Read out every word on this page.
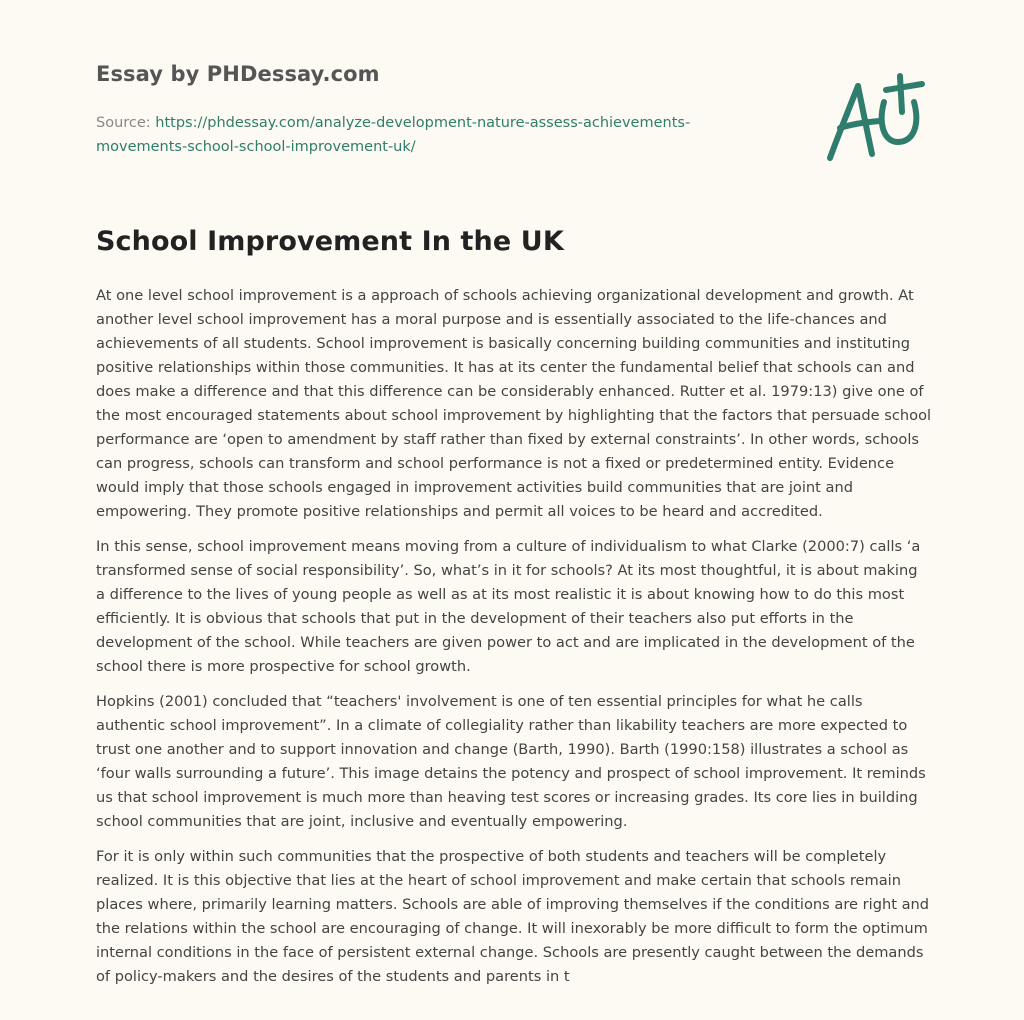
Essay by PHDessay.com
Source: https://phdessay.com/analyze-development-nature-assess-achievements-
movements-school-school-improvement-uk/
School Improvement In the UK

At one level school improvement is a approach of schools achieving organizational development and growth. At
another level school improvement has a moral purpose and is essentially associated to the life-chances and
achievements of all students. School improvement is basically concerning building communities and instituting
positive relationships within those communities. It has at its center the fundamental belief that schools can and
does make a difference and that this difference can be considerably enhanced. Rutter et al. 1979:13) give one of
the most encouraged statements about school improvement by highlighting that the factors that persuade school
performance are ‘open to amendment by staff rather than fixed by external constraints’. In other words, schools
can progress, schools can transform and school performance is not a fixed or predetermined entity. Evidence
would imply that those schools engaged in improvement activities build communities that are joint and
empowering. They promote positive relationships and permit all voices to be heard and accredited.

In this sense, school improvement means moving from a culture of individualism to what Clarke (2000:7) calls ‘a
transformed sense of social responsibility’. So, what’s in it for schools? At its most thoughtful, it is about making
a difference to the lives of young people as well as at its most realistic it is about knowing how to do this most
efficiently. It is obvious that schools that put in the development of their teachers also put efforts in the
development of the school. While teachers are given power to act and are implicated in the development of the
school there is more prospective for school growth.

Hopkins (2001) concluded that “teachers' involvement is one of ten essential principles for what he calls
authentic school improvement”. In a climate of collegiality rather than likability teachers are more expected to
trust one another and to support innovation and change (Barth, 1990). Barth (1990:158) illustrates a school as
‘four walls surrounding a future’. This image detains the potency and prospect of school improvement. It reminds
us that school improvement is much more than heaving test scores or increasing grades. Its core lies in building
school communities that are joint, inclusive and eventually empowering.

For it is only within such communities that the prospective of both students and teachers will be completely
realized. It is this objective that lies at the heart of school improvement and make certain that schools remain
places where, primarily learning matters. Schools are able of improving themselves if the conditions are right and
the relations within the school are encouraging of change. It will inexorably be more difficult to form the optimum
internal conditions in the face of persistent external change. Schools are presently caught between the demands
of policy-makers and the desires of the students and parents in t
